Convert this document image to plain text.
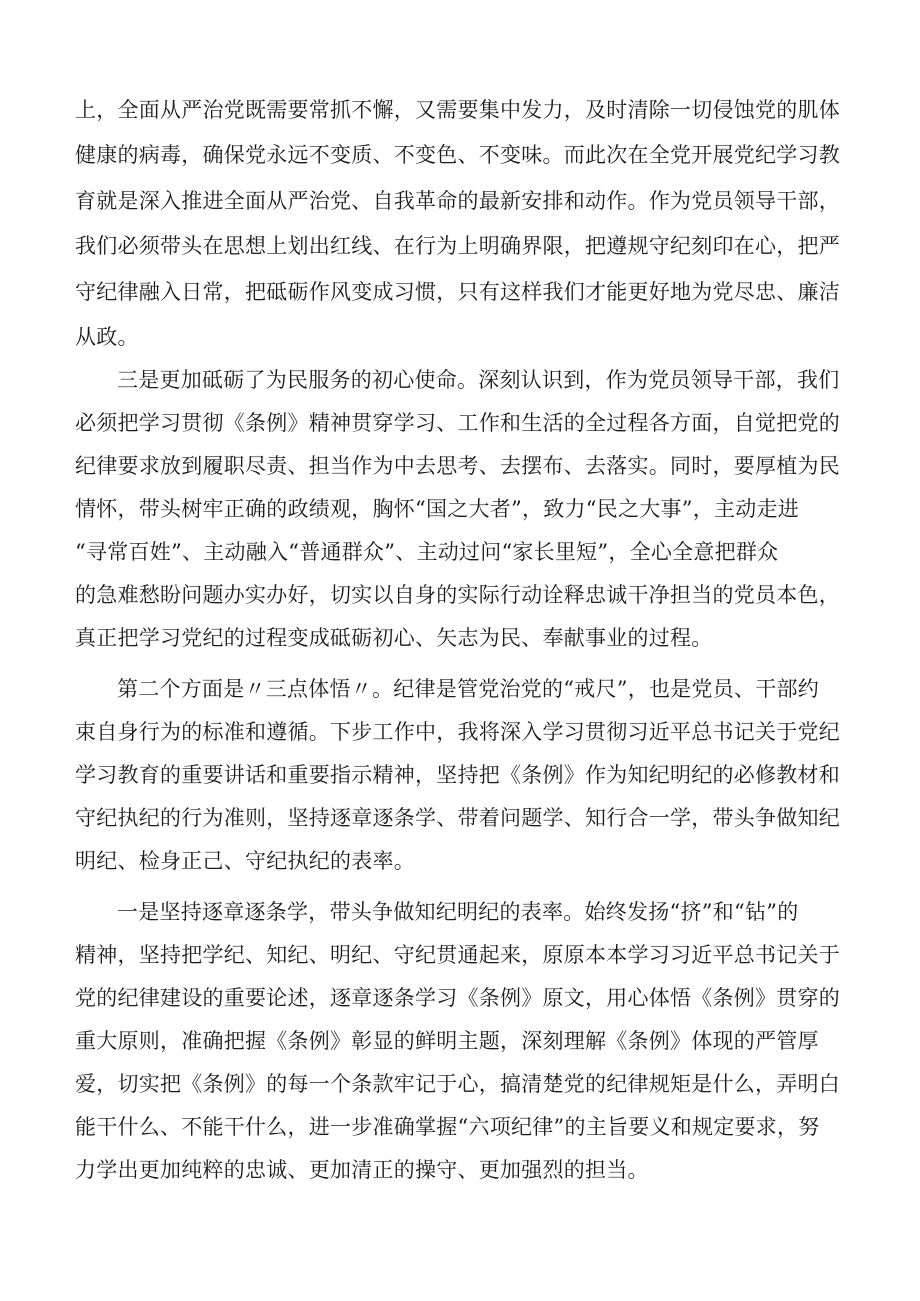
上，全面从严治党既需要常抓不懈，又需要集中发力，及时清除一切侵蚀党的肌体

健康的病毒，确保党永远不变质、不变色、不变味。而此次在全党开展党纪学习教

育就是深入推进全面从严治党、自我革命的最新安排和动作。作为党员领导干部，

我们必须带头在思想上划出红线、在行为上明确界限，把遵规守纪刻印在心，把严

守纪律融入日常，把砥砺作风变成习惯，只有这样我们才能更好地为党尽忠、廉洁

从政。

三是更加砥砺了为民服务的初心使命。深刻认识到，作为党员领导干部，我们

必须把学习贯彻《条例》精神贯穿学习、工作和生活的全过程各方面，自觉把党的

纪律要求放到履职尽责、担当作为中去思考、去摆布、去落实。同时，要厚植为民

情怀，带头树牢正确的政绩观，胸怀“国之大者”，致力“民之大事”，主动走进

“寻常百姓”、主动融入“普通群众”、主动过问“家长里短”，全心全意把群众

的急难愁盼问题办实办好，切实以自身的实际行动诠释忠诚干净担当的党员本色，

真正把学习党纪的过程变成砥砺初心、矢志为民、奉献事业的过程。

第二个方面是〃三点体悟〃。纪律是管党治党的“戒尺”，也是党员、干部约

束自身行为的标准和遵循。下步工作中，我将深入学习贯彻习近平总书记关于党纪

学习教育的重要讲话和重要指示精神，坚持把《条例》作为知纪明纪的必修教材和

守纪执纪的行为准则，坚持逐章逐条学、带着问题学、知行合一学，带头争做知纪

明纪、检身正己、守纪执纪的表率。

一是坚持逐章逐条学，带头争做知纪明纪的表率。始终发扬“挤”和“钻”的

精神，坚持把学纪、知纪、明纪、守纪贯通起来，原原本本学习习近平总书记关于

党的纪律建设的重要论述，逐章逐条学习《条例》原文，用心体悟《条例》贯穿的

重大原则，准确把握《条例》彰显的鲜明主题，深刻理解《条例》体现的严管厚

爱，切实把《条例》的每一个条款牢记于心，搞清楚党的纪律规矩是什么，弄明白

能干什么、不能干什么，进一步准确掌握“六项纪律”的主旨要义和规定要求，努

力学出更加纯粹的忠诚、更加清正的操守、更加强烈的担当。
